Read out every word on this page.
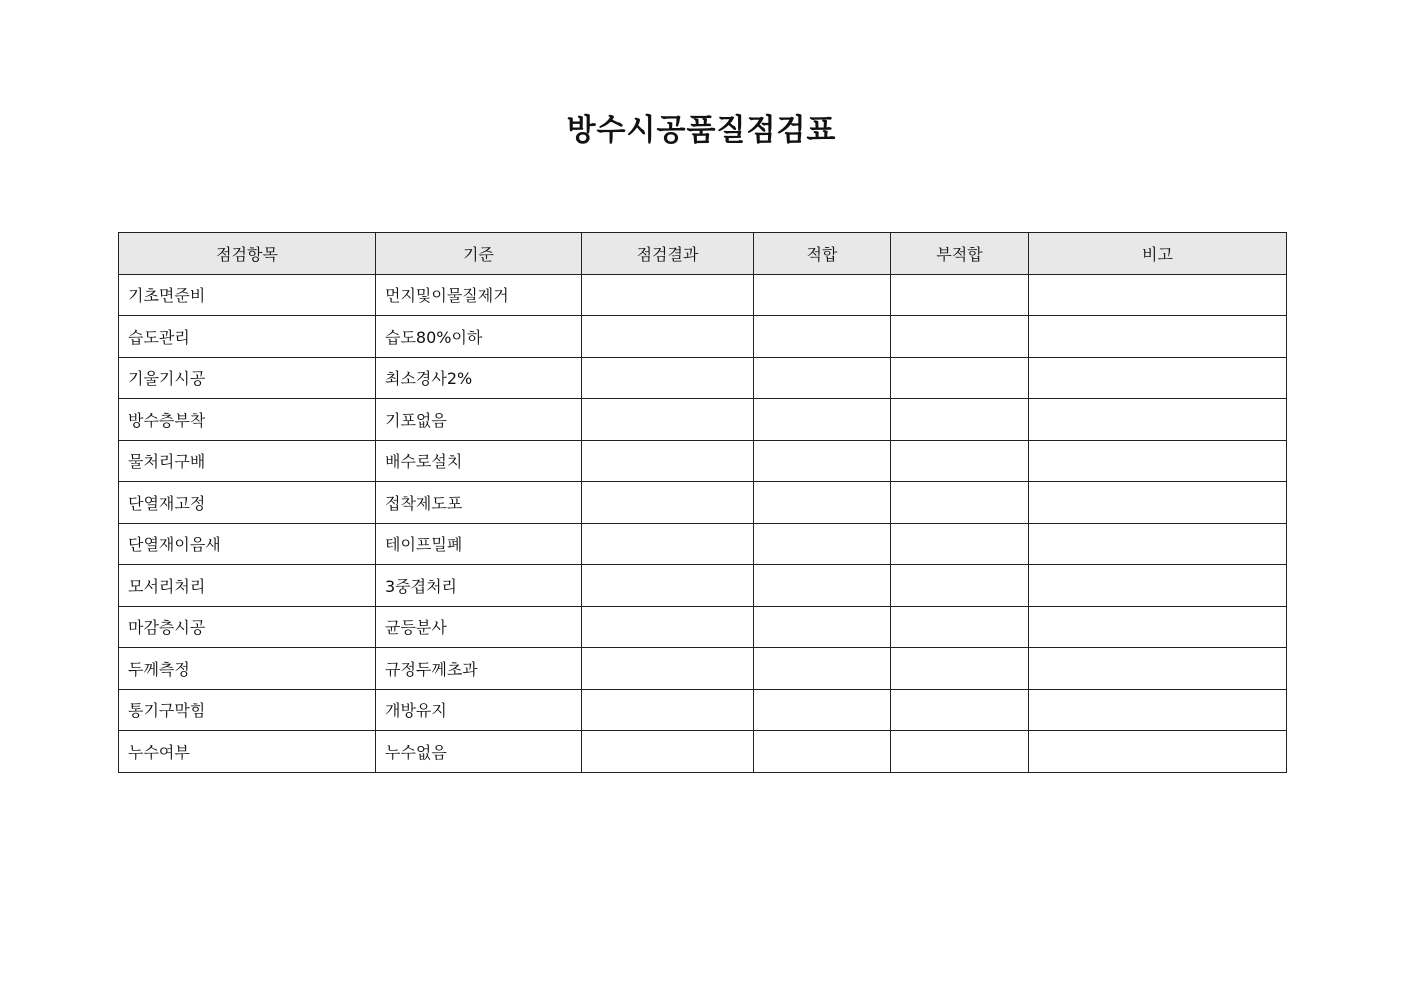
방수시공품질점검표
점검항목	기준	점검결과	적합	부적합	비고
기초면준비	먼지및이물질제거				
습도관리	습도80%이하				
기울기시공	최소경사2%				
방수층부착	기포없음				
물처리구배	배수로설치				
단열재고정	접착제도포				
단열재이음새	테이프밀폐				
모서리처리	3중겹처리				
마감층시공	균등분사				
두께측정	규정두께초과				
통기구막힘	개방유지				
누수여부	누수없음				
